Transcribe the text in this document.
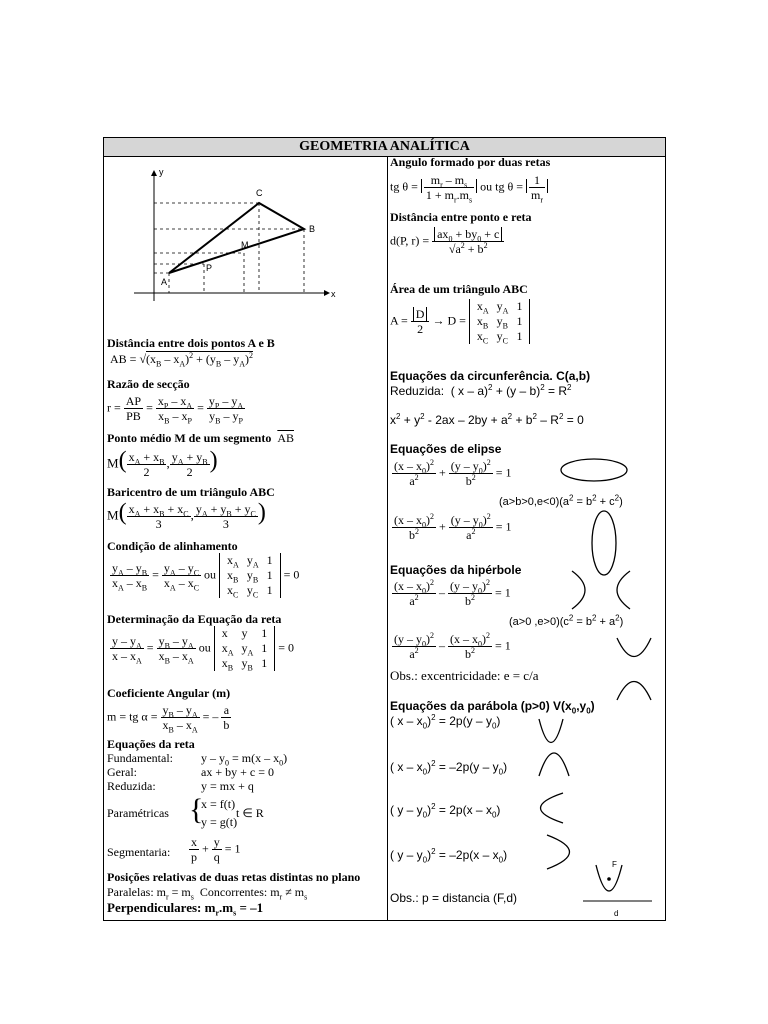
GEOMETRIA ANALÍTICA
y
x
C
B
M
P
A
Distância entre dois pontos A e B
AB = $√(x_B - x_A)^2 + (y_B - y_A)^2$
Razão de secção
$r = \frac{AP}{PB} = \frac{x_P - x_A}{x_B - x_P} = \frac{y_P - y_A}{y_B - y_P}$
Ponto médio M de um segmento $\overline{AB}$
$M( \frac{x_A + x_B}{2}$ , $\frac{y_A + y_B}{2}$ )
Baricentro de um triângulo ABC
$M( \frac{x_A + x_B + x_C}{3}$ , $\frac{y_A + y_B + y_C}{3}$ )
Condição de alinhamento
$\frac{y_A - y_B}{x_A - x_B} = \frac{y_A - y_C}{x_A - x_C}$ ou
$x_A$	$y_A$	1
$x_B$	$y_B$	1
$x_C$	$y_C$	1
= 0
Determinação da Equação da reta
$\frac{y - y_A}{x - x_A} = \frac{y_B - y_A}{x_B - x_A}$ ou
x	y	1
$x_A$	$y_A$	1
$x_B$	$y_B$	1
= 0
Coeficiente Angular (m)
m = tg $\alpha = \frac{y_B - y_A}{x_B - x_A}$ = – $\frac{a}{b}$
Equações da reta
Fundamental: $y - y_0 = m(x - x_0)$
Geral:	ax + by + c = 0
Reduzida:	y = mx + q
Paramétricas {
x = f(t)
y = g(t)
t ∈ R
Segmentaria: $\frac{x}{p} + \frac{y}{q} = 1$
Posições relativas de duas retas distintas no plano
Paralelas: $m_r = m_s$  Concorrentes: $m_r \ne m_s$
Perpendiculares: $m_r.m_s = -1$
Angulo formado por duas retas
tg $\theta = \frac{m_r - m_s}{1 + m_r.m_s}$ ou tg $\theta = \frac{1}{m_r}$
Distância entre ponto e reta
d(P, $r) = \frac{ax_0 + by_0 + c}{√a^2 + b^2}$
Área de um triângulo ABC
$A = \frac{D}{2} \to D$ =
$x_A$	$y_A$	1
$x_B$	$y_B$	1
$x_C$	$y_C$	1
Equações da circunferência. C(a,b)
Reduzida:  ( $x - a)^2 + (y - b)^2 = R^2$
$x^2 + y^2 - 2ax - 2by + a^2 + b^2 - R^2 = 0$
Equações de elipse
$\frac{(x - x_0)^2}{a^2} + \frac{(y - y_0)^2}{b^2} = 1$
$(a>b>0,e<0)(a^2 = b^2 + c^2)$
$\frac{(x - x_0)^2}{b^2} + \frac{(y - y_0)^2}{a^2} = 1$
Equações da hipérbole
$\frac{(x - x_0)^2}{a^2} - \frac{(y - y_0)^2}{b^2} = 1$
(a>0 $,e>0)(c^2 = b^2 + a^2)$
$\frac{(y - y_0)^2}{a^2} - \frac{(x - x_0)^2}{b^2} = 1$
Obs.: excentricidade: e = c/a
Equações da parábola (p>0) $V(x_0,y_0)$
( $x - x_0)^2 = 2p(y - y_0)$
( $x - x_0)^2 = -2p(y - y_0)$
( $y - y_0)^2 = 2p(x - x_0)$
( $y - y_0)^2 = -2p(x - x_0)$
Obs.: p = distancia (F,d)
F
d
